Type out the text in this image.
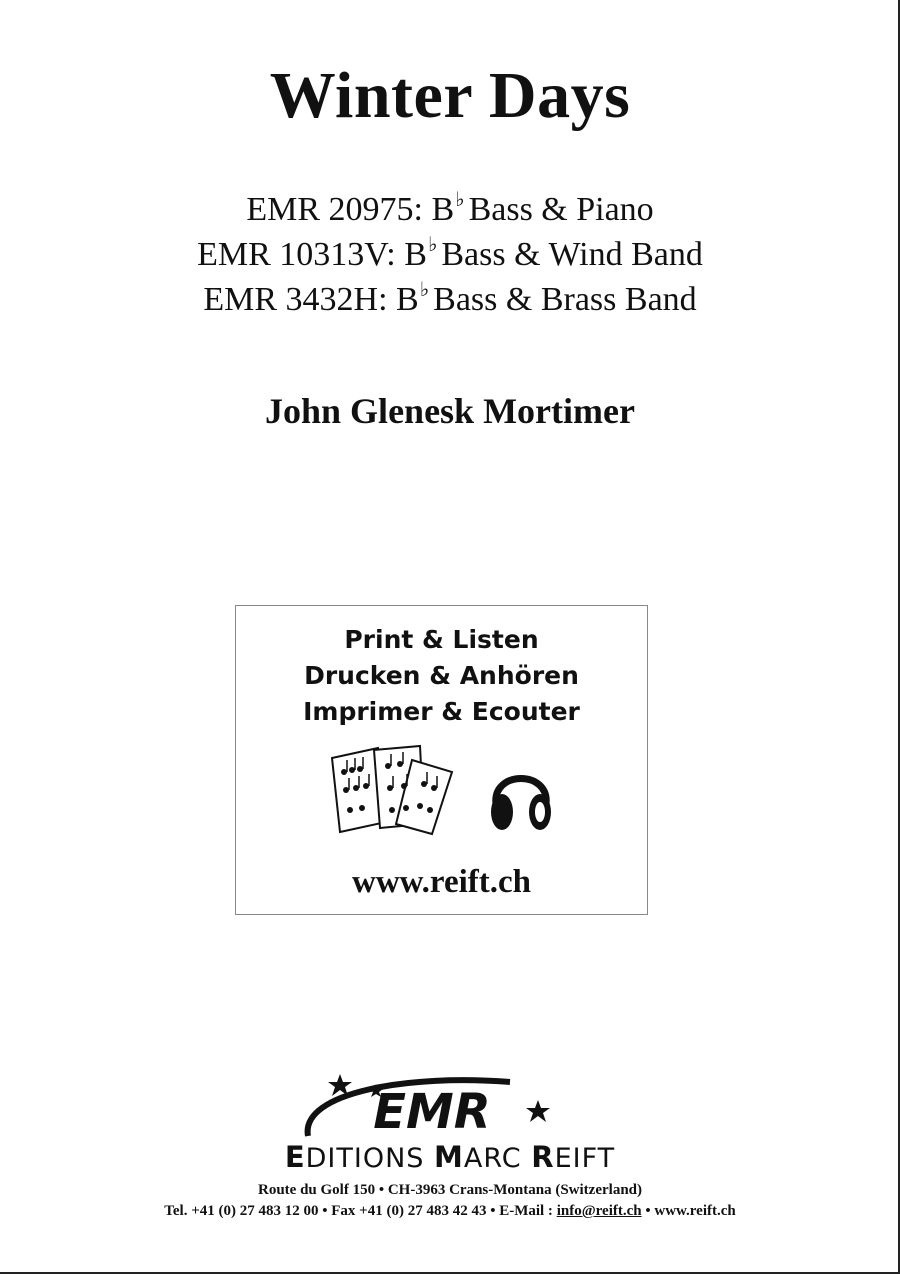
Winter Days
EMR 20975: B♭ Bass & Piano
EMR 10313V: B♭ Bass & Wind Band
EMR 3432H: B♭ Bass & Brass Band
John Glenesk Mortimer
Print & Listen
Drucken & Anhören
Imprimer & Ecouter
www.reift.ch
EMR
EDITIONS MARC REIFT
Route du Golf 150 • CH-3963 Crans-Montana (Switzerland)
Tel. +41 (0) 27 483 12 00 • Fax +41 (0) 27 483 42 43 • E-Mail : info@reift.ch • www.reift.ch
